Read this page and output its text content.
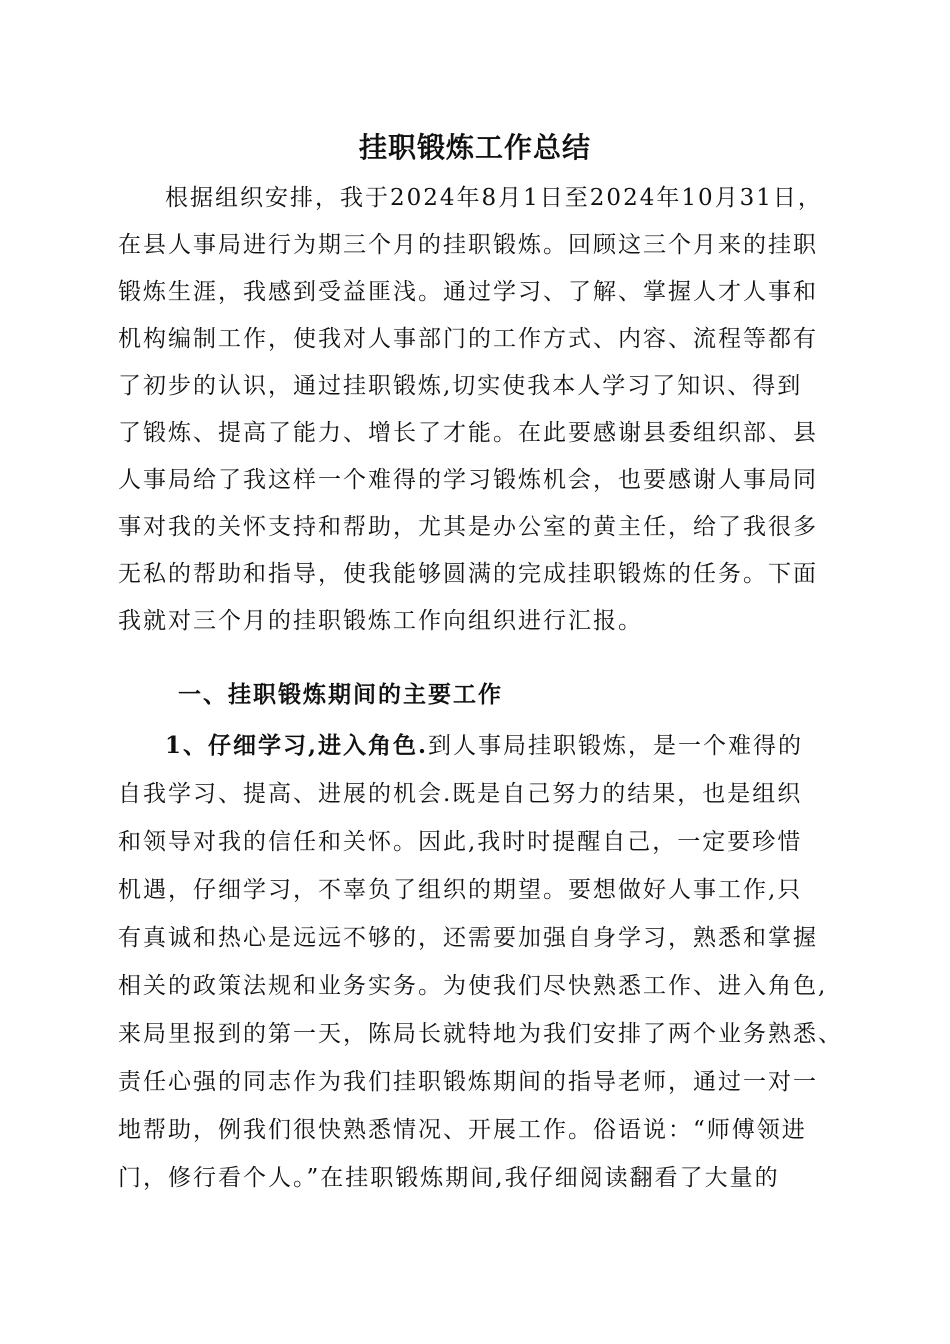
挂职锻炼工作总结
根据组织安排，我于2024年8月1日至2024年10月31日，
在县人事局进行为期三个月的挂职锻炼。回顾这三个月来的挂职
锻炼生涯，我感到受益匪浅。通过学习、了解、掌握人才人事和
机构编制工作，使我对人事部门的工作方式、内容、流程等都有
了初步的认识，通过挂职锻炼,切实使我本人学习了知识、得到
了锻炼、提高了能力、增长了才能。在此要感谢县委组织部、县
人事局给了我这样一个难得的学习锻炼机会，也要感谢人事局同
事对我的关怀支持和帮助，尤其是办公室的黄主任，给了我很多
无私的帮助和指导，使我能够圆满的完成挂职锻炼的任务。下面
我就对三个月的挂职锻炼工作向组织进行汇报。
一、挂职锻炼期间的主要工作
1、仔细学习,进入角色.到人事局挂职锻炼，是一个难得的
自我学习、提高、进展的机会.既是自己努力的结果，也是组织
和领导对我的信任和关怀。因此,我时时提醒自己，一定要珍惜
机遇，仔细学习，不辜负了组织的期望。要想做好人事工作,只
有真诚和热心是远远不够的，还需要加强自身学习，熟悉和掌握
相关的政策法规和业务实务。为使我们尽快熟悉工作、进入角色,
来局里报到的第一天，陈局长就特地为我们安排了两个业务熟悉、
责任心强的同志作为我们挂职锻炼期间的指导老师，通过一对一
地帮助，例我们很快熟悉情况、开展工作。俗语说：“师傅领进
门，修行看个人。”在挂职锻炼期间,我仔细阅读翻看了大量的
